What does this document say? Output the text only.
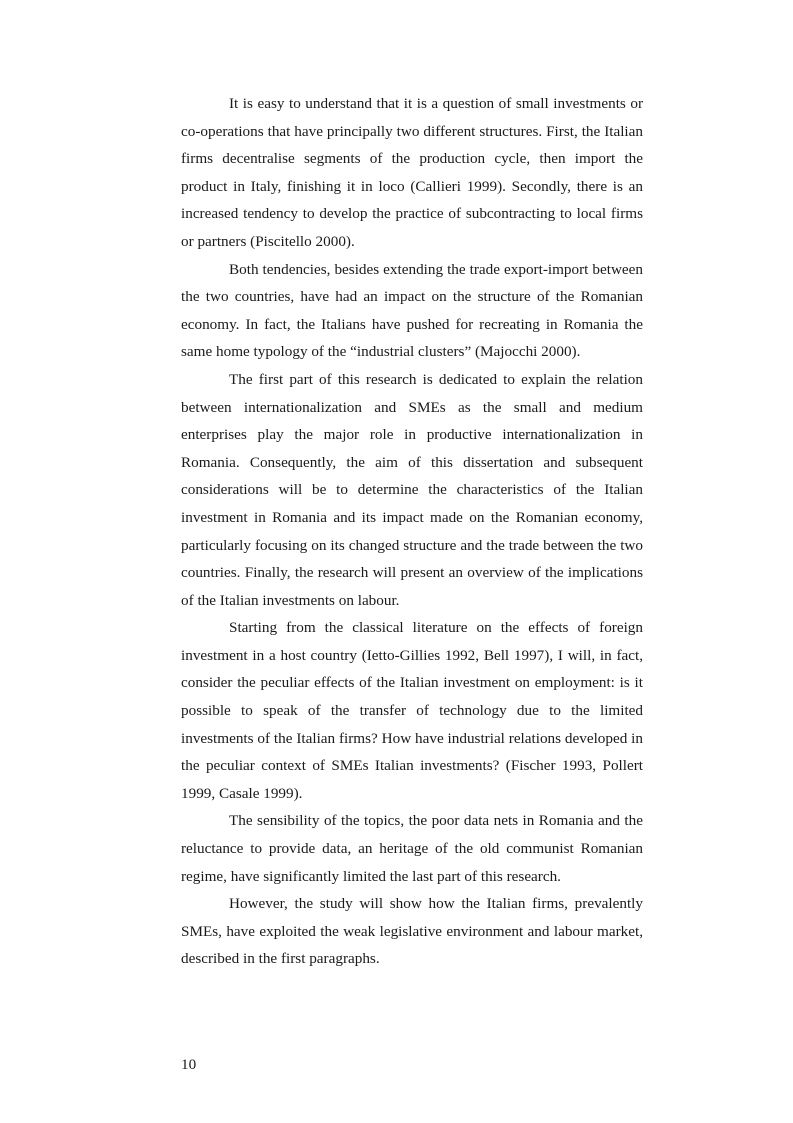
It is easy to understand that it is a question of small investments or co-operations that have principally two different structures. First, the Italian firms decentralise segments of the production cycle, then import the product in Italy, finishing it in loco (Callieri 1999). Secondly, there is an increased tendency to develop the practice of subcontracting to local firms or partners (Piscitello 2000).

Both tendencies, besides extending the trade export-import between the two countries, have had an impact on the structure of the Romanian economy. In fact, the Italians have pushed for recreating in Romania the same home typology of the “industrial clusters” (Majocchi 2000).

The first part of this research is dedicated to explain the relation between internationalization and SMEs as the small and medium enterprises play the major role in productive internationalization in Romania. Consequently, the aim of this dissertation and subsequent considerations will be to determine the characteristics of the Italian investment in Romania and its impact made on the Romanian economy, particularly focusing on its changed structure and the trade between the two countries. Finally, the research will present an overview of the implications of the Italian investments on labour.

Starting from the classical literature on the effects of foreign investment in a host country (Ietto-Gillies 1992, Bell 1997), I will, in fact, consider the peculiar effects of the Italian investment on employment: is it possible to speak of the transfer of technology due to the limited investments of the Italian firms? How have industrial relations developed in the peculiar context of SMEs Italian investments? (Fischer 1993, Pollert 1999, Casale 1999).

The sensibility of the topics, the poor data nets in Romania and the reluctance to provide data, an heritage of the old communist Romanian regime, have significantly limited the last part of this research.

However, the study will show how the Italian firms, prevalently SMEs, have exploited the weak legislative environment and labour market, described in the first paragraphs.

10
